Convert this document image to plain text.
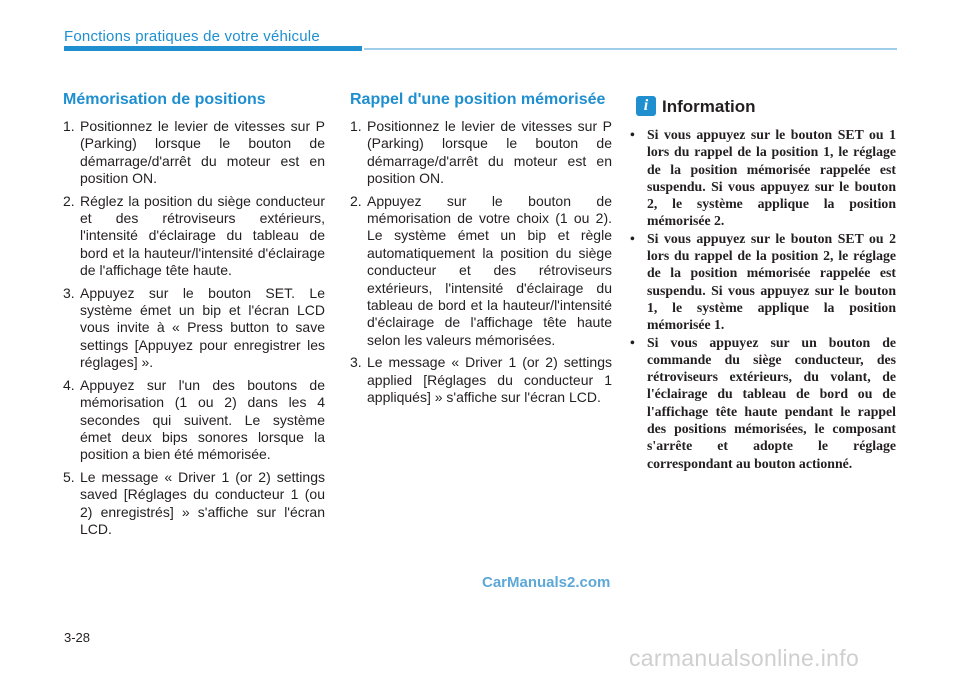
Fonctions pratiques de votre véhicule
Mémorisation de positions
1. Positionnez le levier de vitesses sur P (Parking) lorsque le bouton de démarrage/d'arrêt du moteur est en position ON.
2. Réglez la position du siège conducteur et des rétroviseurs extérieurs, l'intensité d'éclairage du tableau de bord et la hauteur/l'intensité d'éclairage de l'affichage tête haute.
3. Appuyez sur le bouton SET. Le système émet un bip et l'écran LCD vous invite à « Press button to save settings [Appuyez pour enregistrer les réglages] ».
4. Appuyez sur l'un des boutons de mémorisation (1 ou 2) dans les 4 secondes qui suivent. Le système émet deux bips sonores lorsque la position a bien été mémorisée.
5. Le message « Driver 1 (or 2) settings saved [Réglages du conducteur 1 (ou 2) enregistrés] » s'affiche sur l'écran LCD.
Rappel d'une position mémorisée
1. Positionnez le levier de vitesses sur P (Parking) lorsque le bouton de démarrage/d'arrêt du moteur est en position ON.
2. Appuyez sur le bouton de mémorisation de votre choix (1 ou 2). Le système émet un bip et règle automatiquement la position du siège conducteur et des rétroviseurs extérieurs, l'intensité d'éclairage du tableau de bord et la hauteur/l'intensité d'éclairage de l'affichage tête haute selon les valeurs mémorisées.
3. Le message « Driver 1 (or 2) settings applied [Réglages du conducteur 1 appliqués] » s'affiche sur l'écran LCD.
i Information
• Si vous appuyez sur le bouton SET ou 1 lors du rappel de la position 1, le réglage de la position mémorisée rappelée est suspendu. Si vous appuyez sur le bouton 2, le système applique la position mémorisée 2.
• Si vous appuyez sur le bouton SET ou 2 lors du rappel de la position 2, le réglage de la position mémorisée rappelée est suspendu. Si vous appuyez sur le bouton 1, le système applique la position mémorisée 1.
• Si vous appuyez sur un bouton de commande du siège conducteur, des rétroviseurs extérieurs, du volant, de l'éclairage du tableau de bord ou de l'affichage tête haute pendant le rappel des positions mémorisées, le composant s'arrête et adopte le réglage correspondant au bouton actionné.
CarManuals2.com
3-28
carmanualsonline.info
